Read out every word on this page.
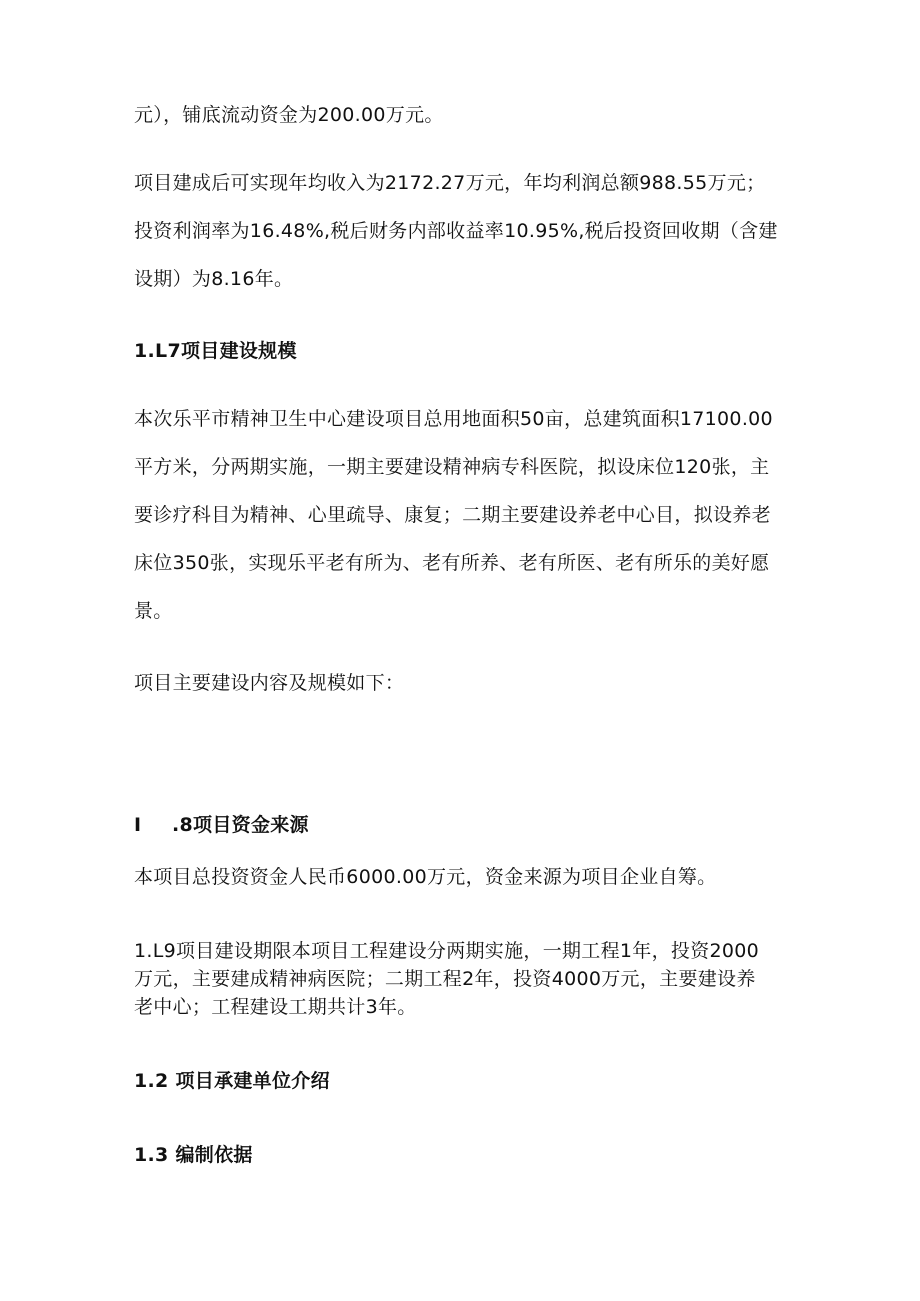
元），铺底流动资金为200.00万元。
项目建成后可实现年均收入为2172.27万元，年均利润总额988.55万元；
投资利润率为16.48%,税后财务内部收益率10.95%,税后投资回收期（含建
设期）为8.16年。
1.L7项目建设规模
本次乐平市精神卫生中心建设项目总用地面积50亩，总建筑面积17100.00
平方米，分两期实施，一期主要建设精神病专科医院，拟设床位120张，主
要诊疗科目为精神、心里疏导、康复；二期主要建设养老中心目，拟设养老
床位350张，实现乐平老有所为、老有所养、老有所医、老有所乐的美好愿
景。
项目主要建设内容及规模如下：
I .8项目资金来源
本项目总投资资金人民币6000.00万元，资金来源为项目企业自筹。
1.L9项目建设期限本项目工程建设分两期实施，一期工程1年，投资2000
万元，主要建成精神病医院；二期工程2年，投资4000万元，主要建设养
老中心；工程建设工期共计3年。
1.2 项目承建单位介绍
1.3 编制依据
